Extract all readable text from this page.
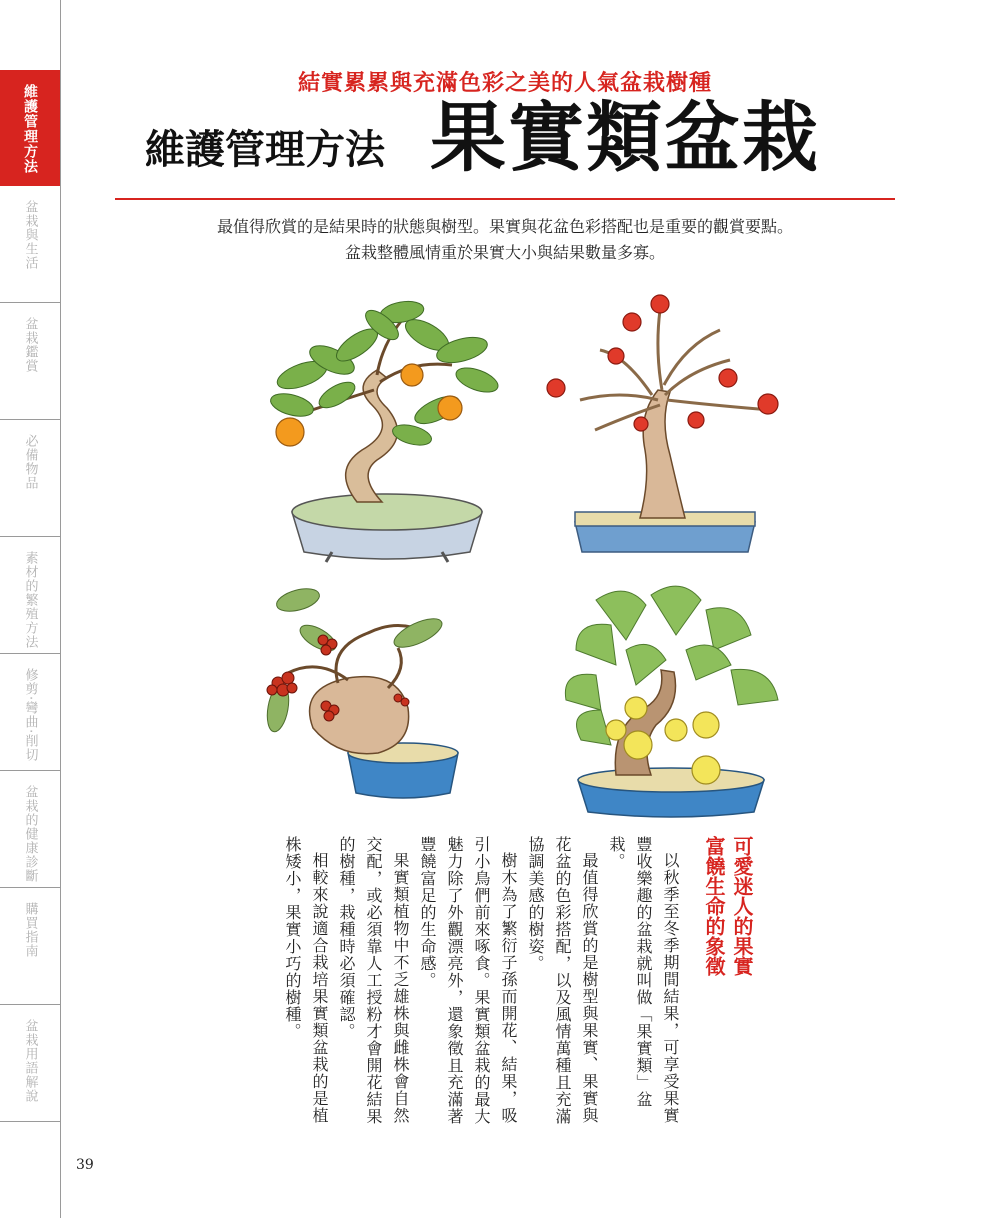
維護管理方法
盆栽與生活
盆栽鑑賞
必備物品
素材的繁殖方法
修剪·彎曲·削切
盆栽的健康診斷
購買指南
盆栽用語解說
結實累累與充滿色彩之美的人氣盆栽樹種
維護管理方法 果實類盆栽
最值得欣賞的是結果時的狀態與樹型。果實與花盆色彩搭配也是重要的觀賞要點。
盆栽整體風情重於果實大小與結果數量多寡。
可愛迷人的果實
富饒生命的象徵

以秋季至冬季期間結果，可享受果實豐收樂趣的盆栽就叫做「果實類」盆栽。

最值得欣賞的是樹型與果實、果實與花盆的色彩搭配，以及風情萬種且充滿協調美感的樹姿。

樹木為了繁衍子孫而開花、結果，吸引小鳥們前來啄食。果實類盆栽的最大魅力除了外觀漂亮外，還象徵且充滿著豐饒富足的生命感。

果實類植物中不乏雄株與雌株會自然交配，或必須靠人工授粉才會開花結果的樹種，栽種時必須確認。

相較來說適合栽培果實類盆栽的是植株矮小，果實小巧的樹種。

39
